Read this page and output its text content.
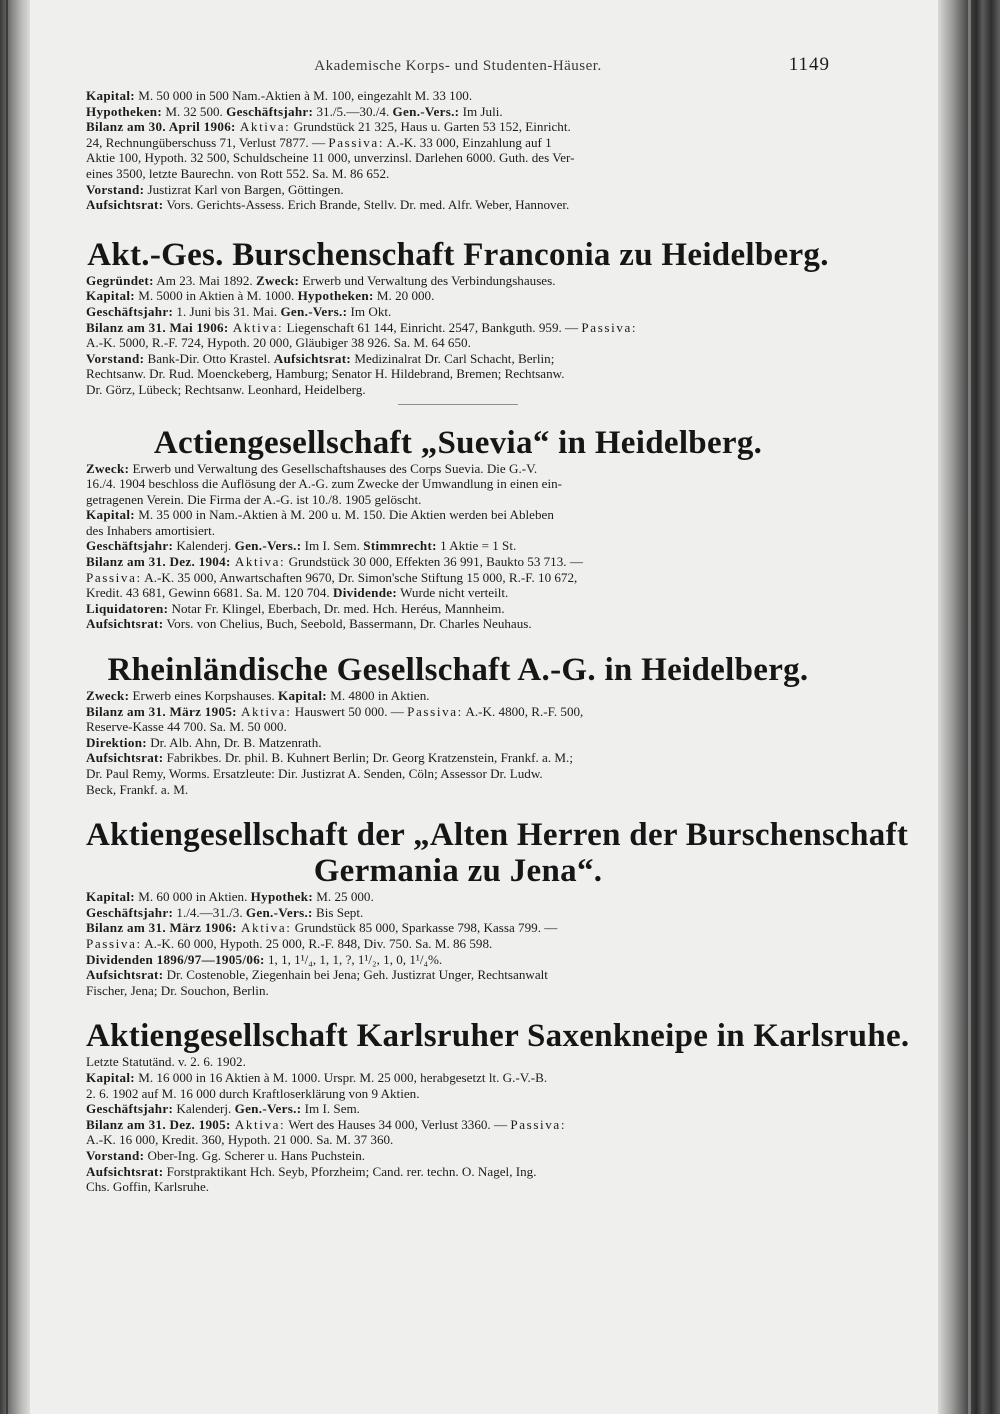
Akademische Korps- und Studenten-Häuser.	1149

Kapital: M. 50 000 in 500 Nam.-Aktien à M. 100, eingezahlt M. 33 100.

Hypotheken: M. 32 500. Geschäftsjahr: 31./5.—30./4. Gen.-Vers.: Im Juli.

Bilanz am 30. April 1906: Aktiva: Grundstück 21 325, Haus u. Garten 53 152, Einricht.

24, Rechnungüberschuss 71, Verlust 7877. — Passiva: A.-K. 33 000, Einzahlung auf 1

Aktie 100, Hypoth. 32 500, Schuldscheine 11 000, unverzinsl. Darlehen 6000. Guth. des Ver-

eines 3500, letzte Baurechn. von Rott 552. Sa. M. 86 652.

Vorstand: Justizrat Karl von Bargen, Göttingen.

Aufsichtsrat: Vors. Gerichts-Assess. Erich Brande, Stellv. Dr. med. Alfr. Weber, Hannover.

Akt.-Ges. Burschenschaft Franconia zu Heidelberg.

Gegründet: Am 23. Mai 1892. Zweck: Erwerb und Verwaltung des Verbindungshauses.

Kapital: M. 5000 in Aktien à M. 1000. Hypotheken: M. 20 000.

Geschäftsjahr: 1. Juni bis 31. Mai. Gen.-Vers.: Im Okt.

Bilanz am 31. Mai 1906: Aktiva: Liegenschaft 61 144, Einricht. 2547, Bankguth. 959. — Passiva:

A.-K. 5000, R.-F. 724, Hypoth. 20 000, Gläubiger 38 926. Sa. M. 64 650.

Vorstand: Bank-Dir. Otto Krastel. Aufsichtsrat: Medizinalrat Dr. Carl Schacht, Berlin;

Rechtsanw. Dr. Rud. Moenckeberg, Hamburg; Senator H. Hildebrand, Bremen; Rechtsanw.

Dr. Görz, Lübeck; Rechtsanw. Leonhard, Heidelberg.

Actiengesellschaft „Suevia“ in Heidelberg.

Zweck: Erwerb und Verwaltung des Gesellschaftshauses des Corps Suevia. Die G.-V.

16./4. 1904 beschloss die Auflösung der A.-G. zum Zwecke der Umwandlung in einen ein-

getragenen Verein. Die Firma der A.-G. ist 10./8. 1905 gelöscht.

Kapital: M. 35 000 in Nam.-Aktien à M. 200 u. M. 150. Die Aktien werden bei Ableben

des Inhabers amortisiert.

Geschäftsjahr: Kalenderj. Gen.-Vers.: Im I. Sem. Stimmrecht: 1 Aktie = 1 St.

Bilanz am 31. Dez. 1904: Aktiva: Grundstück 30 000, Effekten 36 991, Baukto 53 713. —

Passiva: A.-K. 35 000, Anwartschaften 9670, Dr. Simon'sche Stiftung 15 000, R.-F. 10 672,

Kredit. 43 681, Gewinn 6681. Sa. M. 120 704. Dividende: Wurde nicht verteilt.

Liquidatoren: Notar Fr. Klingel, Eberbach, Dr. med. Hch. Heréus, Mannheim.

Aufsichtsrat: Vors. von Chelius, Buch, Seebold, Bassermann, Dr. Charles Neuhaus.

Rheinländische Gesellschaft A.-G. in Heidelberg.

Zweck: Erwerb eines Korpshauses. Kapital: M. 4800 in Aktien.

Bilanz am 31. März 1905: Aktiva: Hauswert 50 000. — Passiva: A.-K. 4800, R.-F. 500,

Reserve-Kasse 44 700. Sa. M. 50 000.

Direktion: Dr. Alb. Ahn, Dr. B. Matzenrath.

Aufsichtsrat: Fabrikbes. Dr. phil. B. Kuhnert Berlin; Dr. Georg Kratzenstein, Frankf. a. M.;

Dr. Paul Remy, Worms. Ersatzleute: Dir. Justizrat A. Senden, Cöln; Assessor Dr. Ludw.

Beck, Frankf. a. M.

Aktiengesellschaft der „Alten Herren der Burschenschaft
Germania zu Jena“.

Kapital: M. 60 000 in Aktien. Hypothek: M. 25 000.

Geschäftsjahr: 1./4.—31./3. Gen.-Vers.: Bis Sept.

Bilanz am 31. März 1906: Aktiva: Grundstück 85 000, Sparkasse 798, Kassa 799. —

Passiva: A.-K. 60 000, Hypoth. 25 000, R.-F. 848, Div. 750. Sa. M. 86 598.

Dividenden 1896/97—1905/06: 1, 1, 1¹/₄, 1, 1, ?, 1¹/₂, 1, 0, 1¹/₄%.

Aufsichtsrat: Dr. Costenoble, Ziegenhain bei Jena; Geh. Justizrat Unger, Rechtsanwalt

Fischer, Jena; Dr. Souchon, Berlin.

Aktiengesellschaft Karlsruher Saxenkneipe in Karlsruhe.

Letzte Statutänd. v. 2. 6. 1902.

Kapital: M. 16 000 in 16 Aktien à M. 1000. Urspr. M. 25 000, herabgesetzt lt. G.-V.-B.

2. 6. 1902 auf M. 16 000 durch Kraftloserklärung von 9 Aktien.

Geschäftsjahr: Kalenderj. Gen.-Vers.: Im I. Sem.

Bilanz am 31. Dez. 1905: Aktiva: Wert des Hauses 34 000, Verlust 3360. — Passiva:

A.-K. 16 000, Kredit. 360, Hypoth. 21 000. Sa. M. 37 360.

Vorstand: Ober-Ing. Gg. Scherer u. Hans Puchstein.

Aufsichtsrat: Forstpraktikant Hch. Seyb, Pforzheim; Cand. rer. techn. O. Nagel, Ing.

Chs. Goffin, Karlsruhe.
